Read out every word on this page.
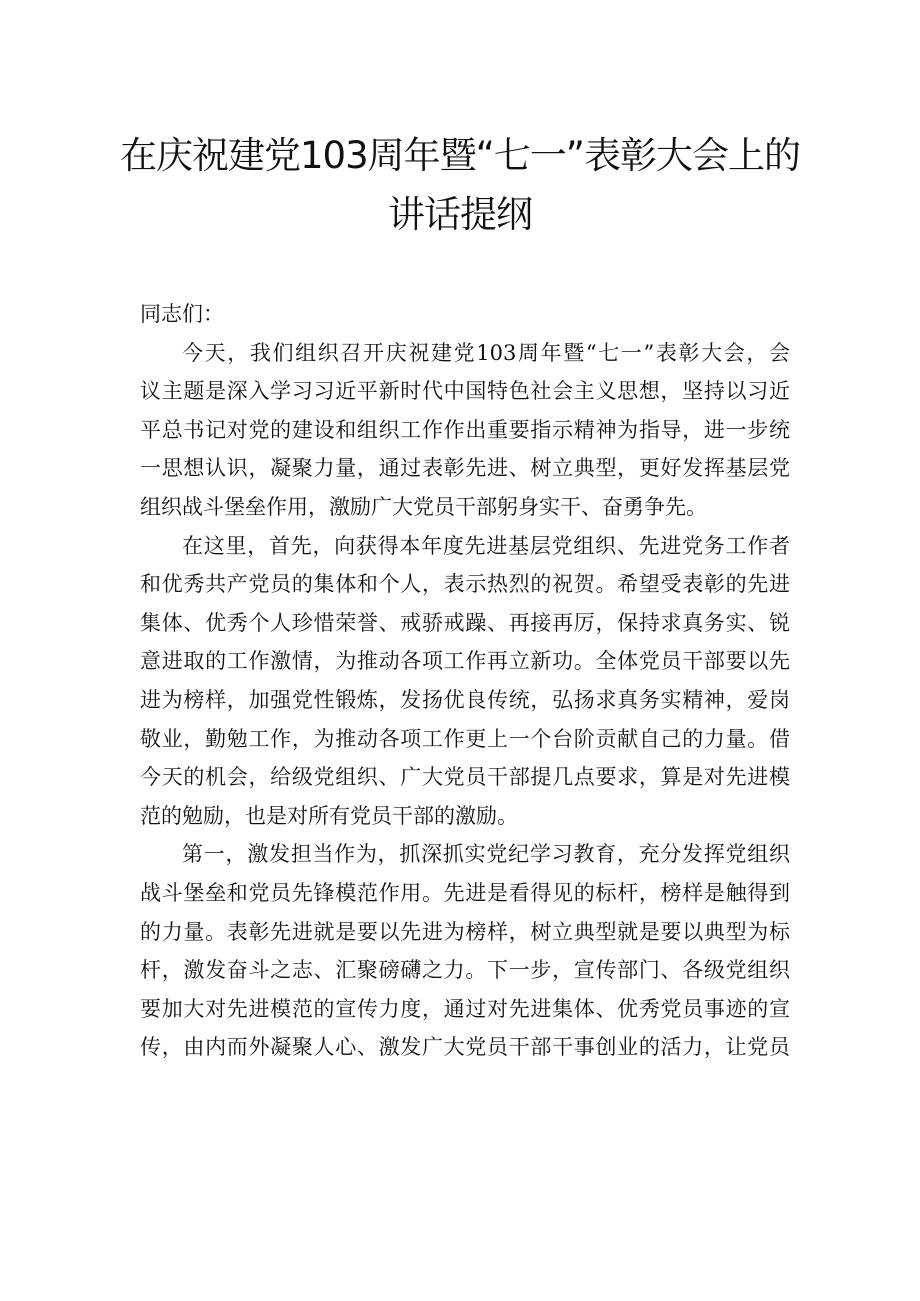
在庆祝建党103周年暨“七一”表彰大会上的
讲话提纲

同志们：

今天，我们组织召开庆祝建党103周年暨“七一”表彰大会，会
议主题是深入学习习近平新时代中国特色社会主义思想，坚持以习近
平总书记对党的建设和组织工作作出重要指示精神为指导，进一步统
一思想认识，凝聚力量，通过表彰先进、树立典型，更好发挥基层党
组织战斗堡垒作用，激励广大党员干部躬身实干、奋勇争先。

在这里，首先，向获得本年度先进基层党组织、先进党务工作者
和优秀共产党员的集体和个人，表示热烈的祝贺。希望受表彰的先进
集体、优秀个人珍惜荣誉、戒骄戒躁、再接再厉，保持求真务实、锐
意进取的工作激情，为推动各项工作再立新功。全体党员干部要以先
进为榜样，加强党性锻炼，发扬优良传统，弘扬求真务实精神，爱岗
敬业，勤勉工作，为推动各项工作更上一个台阶贡献自己的力量。借
今天的机会，给级党组织、广大党员干部提几点要求，算是对先进模
范的勉励，也是对所有党员干部的激励。

第一，激发担当作为，抓深抓实党纪学习教育，充分发挥党组织
战斗堡垒和党员先锋模范作用。先进是看得见的标杆，榜样是触得到
的力量。表彰先进就是要以先进为榜样，树立典型就是要以典型为标
杆，激发奋斗之志、汇聚磅礴之力。下一步，宣传部门、各级党组织
要加大对先进模范的宣传力度，通过对先进集体、优秀党员事迹的宣
传，由内而外凝聚人心、激发广大党员干部干事创业的活力，让党员
